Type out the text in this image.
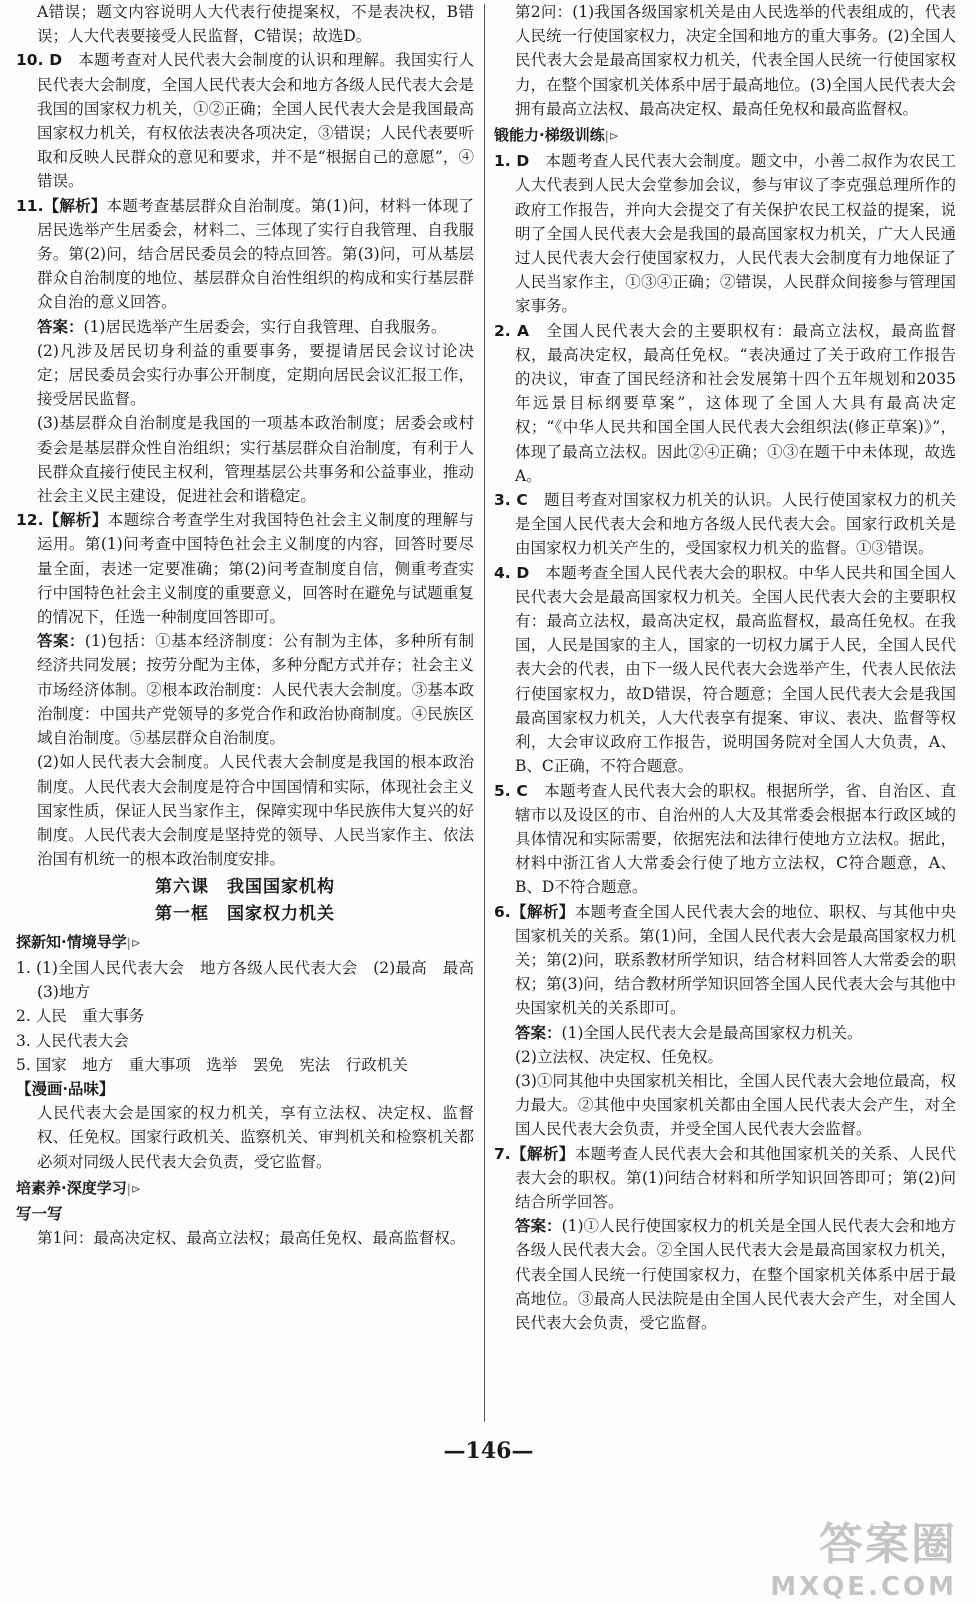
A错误；题文内容说明人大代表行使提案权，不是表决权，B错误；人大代表要接受人民监督，C错误；故选D。

10. D　本题考查对人民代表大会制度的认识和理解。我国实行人民代表大会制度，全国人民代表大会和地方各级人民代表大会是我国的国家权力机关，①②正确；全国人民代表大会是我国最高国家权力机关，有权依法表决各项决定，③错误；人民代表要听取和反映人民群众的意见和要求，并不是“根据自己的意愿”，④错误。

11.【解析】本题考查基层群众自治制度。第(1)问，材料一体现了居民选举产生居委会，材料二、三体现了实行自我管理、自我服务。第(2)问，结合居民委员会的特点回答。第(3)问，可从基层群众自治制度的地位、基层群众自治性组织的构成和实行基层群众自治的意义回答。

答案：(1)居民选举产生居委会，实行自我管理、自我服务。

(2)凡涉及居民切身利益的重要事务，要提请居民会议讨论决定；居民委员会实行办事公开制度，定期向居民会议汇报工作，接受居民监督。

(3)基层群众自治制度是我国的一项基本政治制度；居委会或村委会是基层群众性自治组织；实行基层群众自治制度，有利于人民群众直接行使民主权利，管理基层公共事务和公益事业，推动社会主义民主建设，促进社会和谐稳定。

12.【解析】本题综合考查学生对我国特色社会主义制度的理解与运用。第(1)问考查中国特色社会主义制度的内容，回答时要尽量全面，表述一定要准确；第(2)问考查制度自信，侧重考查实行中国特色社会主义制度的重要意义，回答时在避免与试题重复的情况下，任选一种制度回答即可。

答案：(1)包括：①基本经济制度：公有制为主体，多种所有制经济共同发展；按劳分配为主体，多种分配方式并存；社会主义市场经济体制。②根本政治制度：人民代表大会制度。③基本政治制度：中国共产党领导的多党合作和政治协商制度。④民族区域自治制度。⑤基层群众自治制度。

(2)如人民代表大会制度。人民代表大会制度是我国的根本政治制度。人民代表大会制度是符合中国国情和实际，体现社会主义国家性质，保证人民当家作主，保障实现中华民族伟大复兴的好制度。人民代表大会制度是坚持党的领导、人民当家作主、依法治国有机统一的根本政治制度安排。

第六课　我国国家机构
第一框　国家权力机关
探新知·情境导学|⊳

1. (1)全国人民代表大会　地方各级人民代表大会　(2)最高　最高　(3)地方

2. 人民　重大事务

3. 人民代表大会

5. 国家　地方　重大事项　选举　罢免　宪法　行政机关

【漫画·品味】

人民代表大会是国家的权力机关，享有立法权、决定权、监督权、任免权。国家行政机关、监察机关、审判机关和检察机关都必须对同级人民代表大会负责，受它监督。

培素养·深度学习|⊳
写一写

第1问：最高决定权、最高立法权；最高任免权、最高监督权。

第2问：(1)我国各级国家机关是由人民选举的代表组成的，代表人民统一行使国家权力，决定全国和地方的重大事务。(2)全国人民代表大会是最高国家权力机关，代表全国人民统一行使国家权力，在整个国家机关体系中居于最高地位。(3)全国人民代表大会拥有最高立法权、最高决定权、最高任免权和最高监督权。

锻能力·梯级训练|⊳

1. D　本题考查人民代表大会制度。题文中，小善二叔作为农民工人大代表到人民大会堂参加会议，参与审议了李克强总理所作的政府工作报告，并向大会提交了有关保护农民工权益的提案，说明了全国人民代表大会是我国的最高国家权力机关，广大人民通过人民代表大会行使国家权力，人民代表大会制度有力地保证了人民当家作主，①③④正确；②错误，人民群众间接参与管理国家事务。

2. A　全国人民代表大会的主要职权有：最高立法权，最高监督权，最高决定权，最高任免权。“表决通过了关于政府工作报告的决议，审查了国民经济和社会发展第十四个五年规划和2035年远景目标纲要草案”，这体现了全国人大具有最高决定权；“《中华人民共和国全国人民代表大会组织法(修正草案)》”，体现了最高立法权。因此②④正确；①③在题干中未体现，故选A。

3. C　题目考查对国家权力机关的认识。人民行使国家权力的机关是全国人民代表大会和地方各级人民代表大会。国家行政机关是由国家权力机关产生的，受国家权力机关的监督。①③错误。

4. D　本题考查全国人民代表大会的职权。中华人民共和国全国人民代表大会是最高国家权力机关。全国人民代表大会的主要职权有：最高立法权，最高决定权，最高监督权，最高任免权。在我国，人民是国家的主人，国家的一切权力属于人民，全国人民代表大会的代表，由下一级人民代表大会选举产生，代表人民依法行使国家权力，故D错误，符合题意；全国人民代表大会是我国最高国家权力机关，人大代表享有提案、审议、表决、监督等权利，大会审议政府工作报告，说明国务院对全国人大负责，A、B、C正确，不符合题意。

5. C　本题考查人民代表大会的职权。根据所学，省、自治区、直辖市以及设区的市、自治州的人大及其常委会根据本行政区域的具体情况和实际需要，依据宪法和法律行使地方立法权。据此，材料中浙江省人大常委会行使了地方立法权，C符合题意，A、B、D不符合题意。

6.【解析】本题考查全国人民代表大会的地位、职权、与其他中央国家机关的关系。第(1)问，全国人民代表大会是最高国家权力机关；第(2)问，联系教材所学知识，结合材料回答人大常委会的职权；第(3)问，结合教材所学知识回答全国人民代表大会与其他中央国家机关的关系即可。

答案：(1)全国人民代表大会是最高国家权力机关。

(2)立法权、决定权、任免权。

(3)①同其他中央国家机关相比，全国人民代表大会地位最高，权力最大。②其他中央国家机关都由全国人民代表大会产生，对全国人民代表大会负责，并受全国人民代表大会监督。

7.【解析】本题考查人民代表大会和其他国家机关的关系、人民代表大会的职权。第(1)问结合材料和所学知识回答即可；第(2)问结合所学回答。

答案：(1)①人民行使国家权力的机关是全国人民代表大会和地方各级人民代表大会。②全国人民代表大会是最高国家权力机关，代表全国人民统一行使国家权力，在整个国家机关体系中居于最高地位。③最高人民法院是由全国人民代表大会产生，对全国人民代表大会负责，受它监督。

—146—
答案圈
MXQE.COM
